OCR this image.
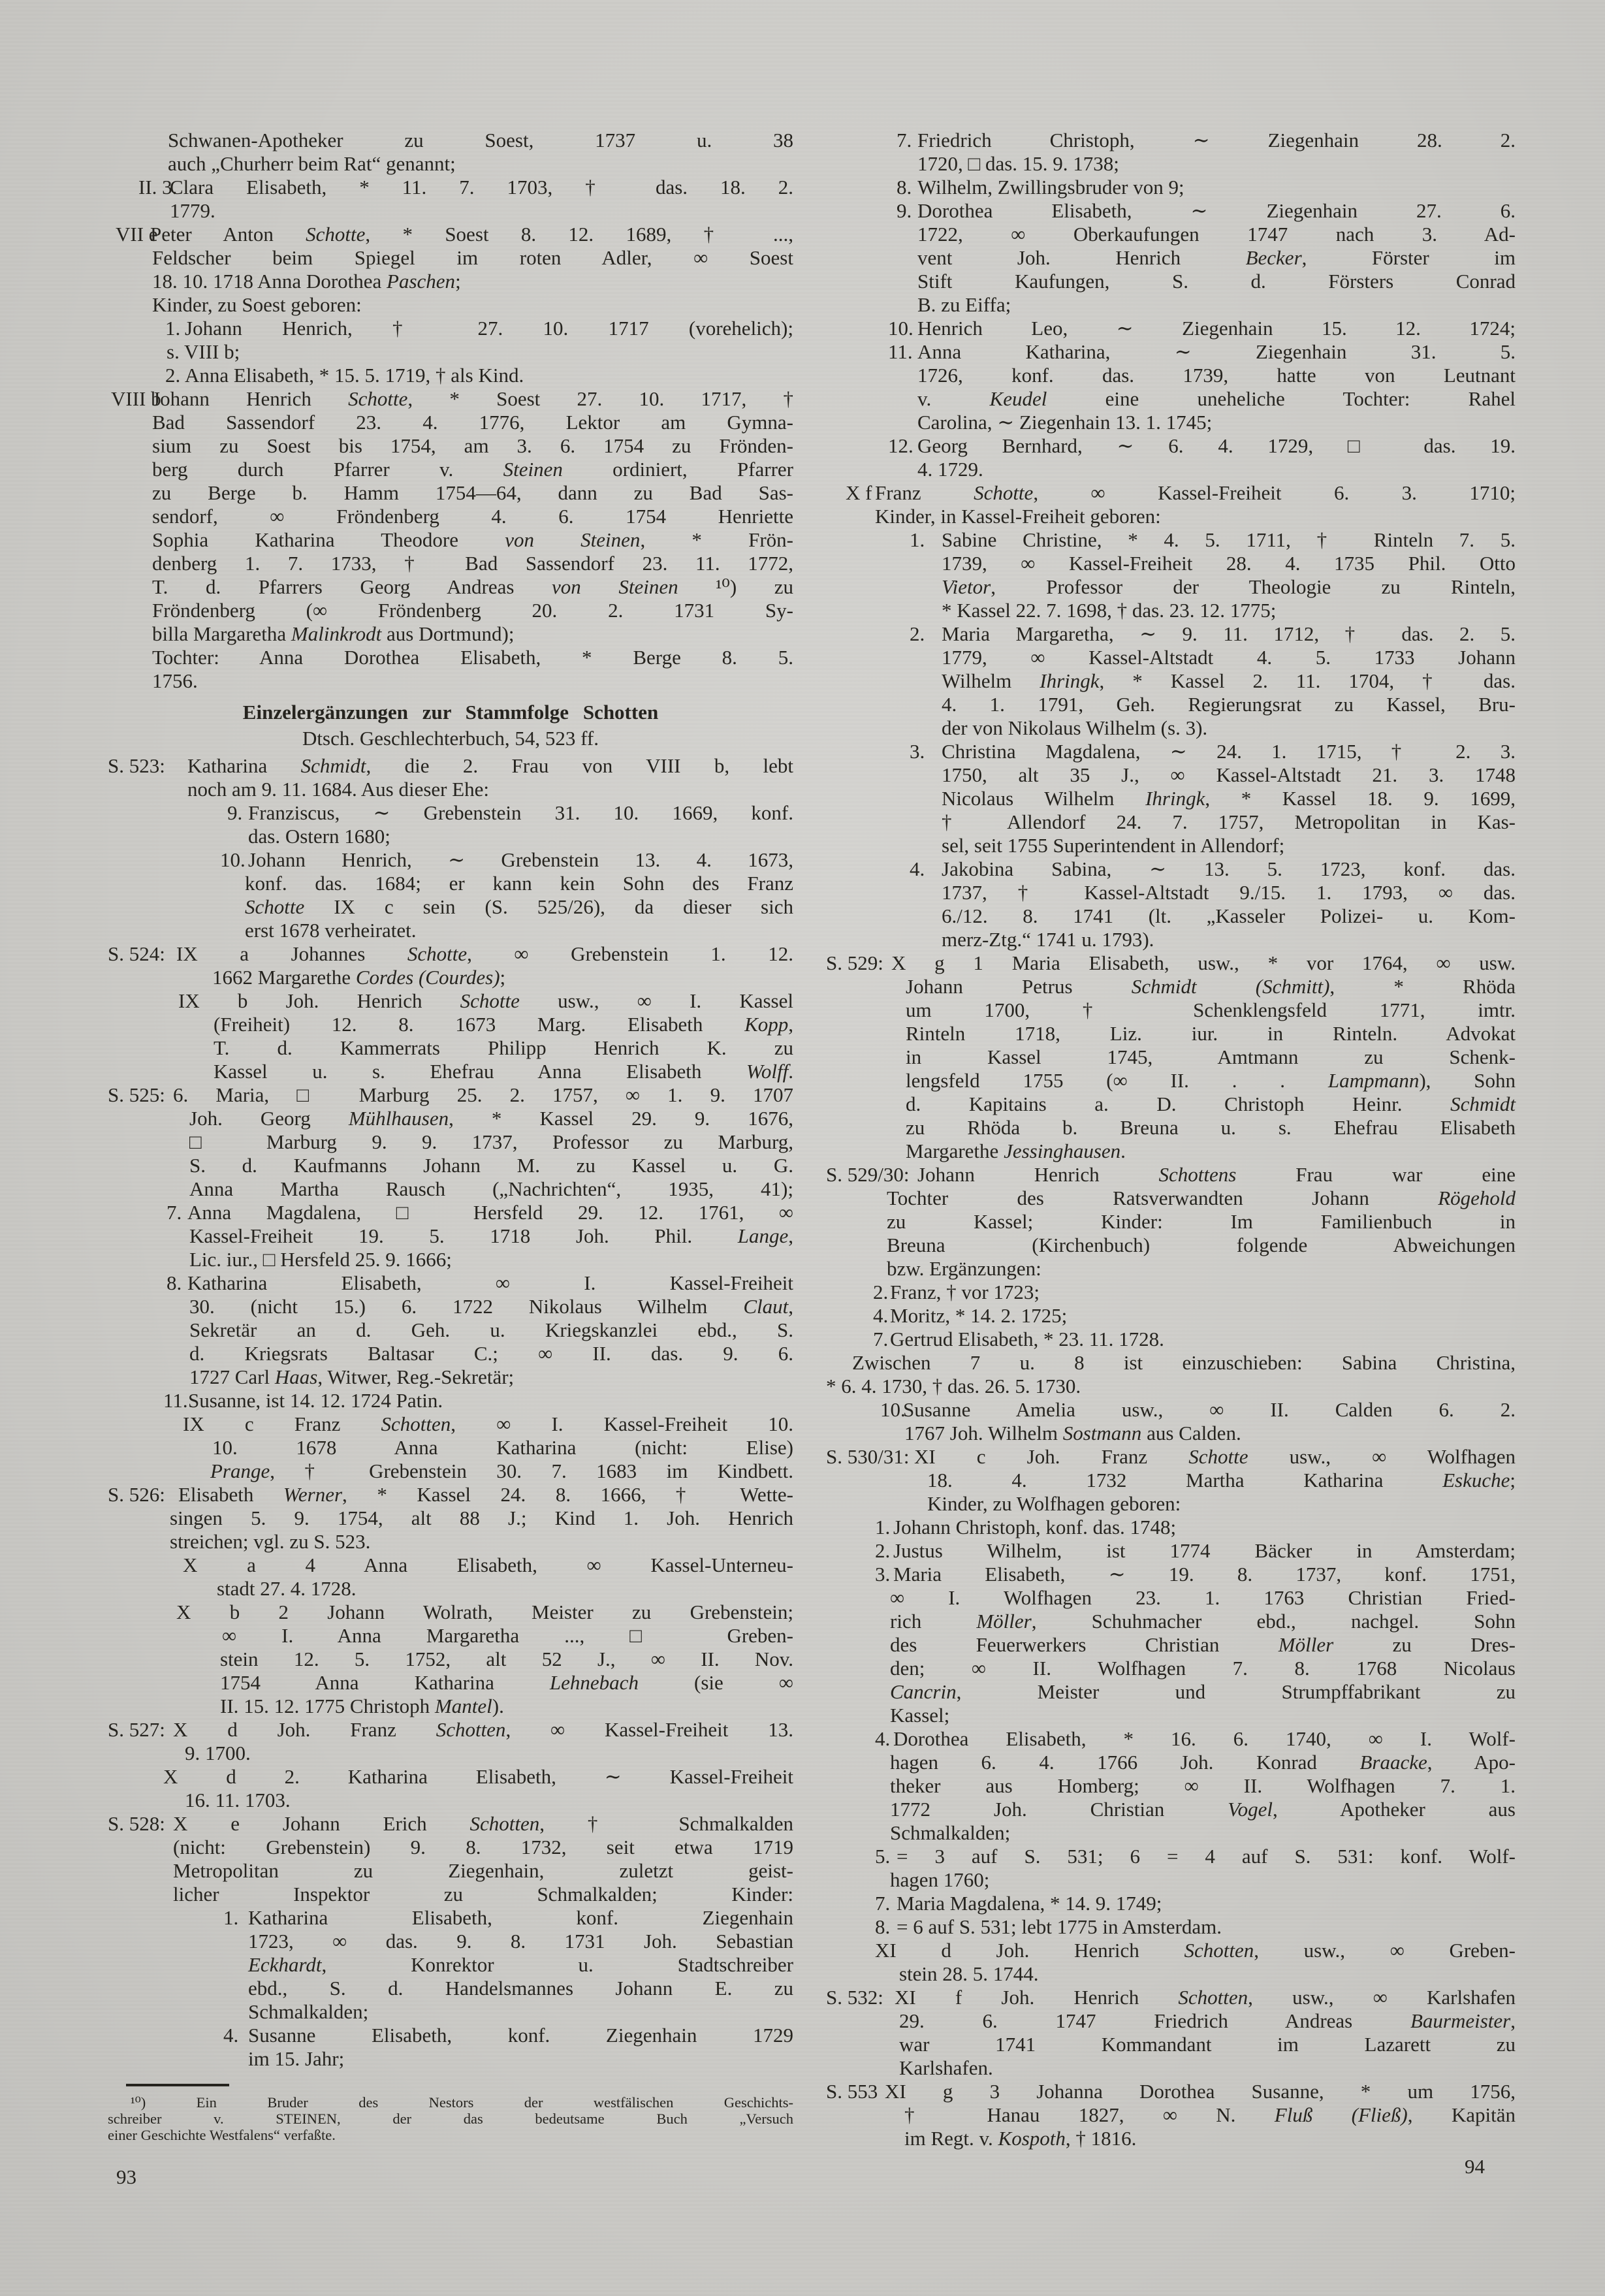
Schwanen-Apotheker zu Soest, 1737 u. 38
auch „Churherr beim Rat“ genannt;
II. 3.
Clara Elisabeth, * 11. 7. 1703, † das. 18. 2.
1779.
VII e
Peter Anton Schotte, * Soest 8. 12. 1689, † ...,
Feldscher beim Spiegel im roten Adler, ∞ Soest
18. 10. 1718 Anna Dorothea Paschen;
Kinder, zu Soest geboren:
1. Johann Henrich, † 27. 10. 1717 (vorehelich);
s. VIII b;
2. Anna Elisabeth, * 15. 5. 1719, † als Kind.
VIII b
Johann Henrich Schotte, * Soest 27. 10. 1717, †
Bad Sassendorf 23. 4. 1776, Lektor am Gymna-
sium zu Soest bis 1754, am 3. 6. 1754 zu Frönden-
berg durch Pfarrer v. Steinen ordiniert, Pfarrer
zu Berge b. Hamm 1754—64, dann zu Bad Sas-
sendorf, ∞ Fröndenberg 4. 6. 1754 Henriette
Sophia Katharina Theodore von Steinen, * Frön-
denberg 1. 7. 1733, † Bad Sassendorf 23. 11. 1772,
T. d. Pfarrers Georg Andreas von Steinen ¹⁰) zu
Fröndenberg (∞ Fröndenberg 20. 2. 1731 Sy-
billa Margaretha Malinkrodt aus Dortmund);
Tochter: Anna Dorothea Elisabeth, * Berge 8. 5.
1756.
Einzelergänzungen zur Stammfolge Schotten
Dtsch. Geschlechterbuch, 54, 523 ff.
S. 523: Katharina Schmidt, die 2. Frau von VIII b, lebt
noch am 9. 11. 1684. Aus dieser Ehe:
9. Franziscus, ∼ Grebenstein 31. 10. 1669, konf.
das. Ostern 1680;
10. Johann Henrich, ∼ Grebenstein 13. 4. 1673,
konf. das. 1684; er kann kein Sohn des Franz
Schotte IX c sein (S. 525/26), da dieser sich
erst 1678 verheiratet.
S. 524: IX a Johannes Schotte, ∞ Grebenstein 1. 12.
1662 Margarethe Cordes (Courdes);
IX b Joh. Henrich Schotte usw., ∞ I. Kassel
(Freiheit) 12. 8. 1673 Marg. Elisabeth Kopp,
T. d. Kammerrats Philipp Henrich K. zu
Kassel u. s. Ehefrau Anna Elisabeth Wolff.
S. 525: 6. Maria, □ Marburg 25. 2. 1757, ∞ 1. 9. 1707
Joh. Georg Mühlhausen, * Kassel 29. 9. 1676,
□ Marburg 9. 9. 1737, Professor zu Marburg,
S. d. Kaufmanns Johann M. zu Kassel u. G.
Anna Martha Rausch („Nachrichten“, 1935, 41);
7. Anna Magdalena, □ Hersfeld 29. 12. 1761, ∞
Kassel-Freiheit 19. 5. 1718 Joh. Phil. Lange,
Lic. iur., □ Hersfeld 25. 9. 1666;
8. Katharina Elisabeth, ∞ I. Kassel-Freiheit
30. (nicht 15.) 6. 1722 Nikolaus Wilhelm Claut,
Sekretär an d. Geh. u. Kriegskanzlei ebd., S.
d. Kriegsrats Baltasar C.; ∞ II. das. 9. 6.
1727 Carl Haas, Witwer, Reg.-Sekretär;
11. Susanne, ist 14. 12. 1724 Patin.
IX c Franz Schotten, ∞ I. Kassel-Freiheit 10.
10. 1678 Anna Katharina (nicht: Elise)
Prange, † Grebenstein 30. 7. 1683 im Kindbett.
S. 526: Elisabeth Werner, * Kassel 24. 8. 1666, † Wette-
singen 5. 9. 1754, alt 88 J.; Kind 1. Joh. Henrich
streichen; vgl. zu S. 523.
X a 4 Anna Elisabeth, ∞ Kassel-Unterneu-
stadt 27. 4. 1728.
X b 2 Johann Wolrath, Meister zu Grebenstein;
∞ I. Anna Margaretha ..., □ Greben-
stein 12. 5. 1752, alt 52 J., ∞ II. Nov.
1754 Anna Katharina Lehnebach (sie ∞
II. 15. 12. 1775 Christoph Mantel).
S. 527: X d Joh. Franz Schotten, ∞ Kassel-Freiheit 13.
9. 1700.
X d 2. Katharina Elisabeth, ∼ Kassel-Freiheit
16. 11. 1703.
S. 528: X e Johann Erich Schotten, † Schmalkalden
(nicht: Grebenstein) 9. 8. 1732, seit etwa 1719
Metropolitan zu Ziegenhain, zuletzt geist-
licher Inspektor zu Schmalkalden; Kinder:
1. Katharina Elisabeth, konf. Ziegenhain
1723, ∞ das. 9. 8. 1731 Joh. Sebastian
Eckhardt, Konrektor u. Stadtschreiber
ebd., S. d. Handelsmannes Johann E. zu
Schmalkalden;
4. Susanne Elisabeth, konf. Ziegenhain 1729
im 15. Jahr;
¹⁰) Ein Bruder des Nestors der westfälischen Geschichts-
schreiber v. STEINEN, der das bedeutsame Buch „Versuch
einer Geschichte Westfalens“ verfaßte.
7. Friedrich Christoph, ∼ Ziegenhain 28. 2.
1720, □ das. 15. 9. 1738;
8. Wilhelm, Zwillingsbruder von 9;
9. Dorothea Elisabeth, ∼ Ziegenhain 27. 6.
1722, ∞ Oberkaufungen 1747 nach 3. Ad-
vent Joh. Henrich Becker, Förster im
Stift Kaufungen, S. d. Försters Conrad
B. zu Eiffa;
10. Henrich Leo, ∼ Ziegenhain 15. 12. 1724;
11. Anna Katharina, ∼ Ziegenhain 31. 5.
1726, konf. das. 1739, hatte von Leutnant
v. Keudel eine uneheliche Tochter: Rahel
Carolina, ∼ Ziegenhain 13. 1. 1745;
12. Georg Bernhard, ∼ 6. 4. 1729, □ das. 19.
4. 1729.
X f Franz Schotte, ∞ Kassel-Freiheit 6. 3. 1710;
Kinder, in Kassel-Freiheit geboren:
1. Sabine Christine, * 4. 5. 1711, † Rinteln 7. 5.
1739, ∞ Kassel-Freiheit 28. 4. 1735 Phil. Otto
Vietor, Professor der Theologie zu Rinteln,
* Kassel 22. 7. 1698, † das. 23. 12. 1775;
2. Maria Margaretha, ∼ 9. 11. 1712, † das. 2. 5.
1779, ∞ Kassel-Altstadt 4. 5. 1733 Johann
Wilhelm Ihringk, * Kassel 2. 11. 1704, † das.
4. 1. 1791, Geh. Regierungsrat zu Kassel, Bru-
der von Nikolaus Wilhelm (s. 3).
3. Christina Magdalena, ∼ 24. 1. 1715, † 2. 3.
1750, alt 35 J., ∞ Kassel-Altstadt 21. 3. 1748
Nicolaus Wilhelm Ihringk, * Kassel 18. 9. 1699,
† Allendorf 24. 7. 1757, Metropolitan in Kas-
sel, seit 1755 Superintendent in Allendorf;
4. Jakobina Sabina, ∼ 13. 5. 1723, konf. das.
1737, † Kassel-Altstadt 9./15. 1. 1793, ∞ das.
6./12. 8. 1741 (lt. „Kasseler Polizei- u. Kom-
merz-Ztg.“ 1741 u. 1793).
S. 529: X g 1 Maria Elisabeth, usw., * vor 1764, ∞ usw.
Johann Petrus Schmidt (Schmitt), * Rhöda
um 1700, † Schenklengsfeld 1771, imtr.
Rinteln 1718, Liz. iur. in Rinteln. Advokat
in Kassel 1745, Amtmann zu Schenk-
lengsfeld 1755 (∞ II. . . Lampmann), Sohn
d. Kapitains a. D. Christoph Heinr. Schmidt
zu Rhöda b. Breuna u. s. Ehefrau Elisabeth
Margarethe Jessinghausen.
S. 529/30: Johann Henrich Schottens Frau war eine
Tochter des Ratsverwandten Johann Rögehold
zu Kassel; Kinder: Im Familienbuch in
Breuna (Kirchenbuch) folgende Abweichungen
bzw. Ergänzungen:
2. Franz, † vor 1723;
4. Moritz, * 14. 2. 1725;
7. Gertrud Elisabeth, * 23. 11. 1728.
Zwischen 7 u. 8 ist einzuschieben: Sabina Christina,
* 6. 4. 1730, † das. 26. 5. 1730.
10.
Susanne Amelia usw., ∞ II. Calden 6. 2.
1767 Joh. Wilhelm Sostmann aus Calden.
S. 530/31: XI c Joh. Franz Schotte usw., ∞ Wolfhagen
18. 4. 1732 Martha Katharina Eskuche;
Kinder, zu Wolfhagen geboren:
1. Johann Christoph, konf. das. 1748;
2. Justus Wilhelm, ist 1774 Bäcker in Amsterdam;
3. Maria Elisabeth, ∼ 19. 8. 1737, konf. 1751,
∞ I. Wolfhagen 23. 1. 1763 Christian Fried-
rich Möller, Schuhmacher ebd., nachgel. Sohn
des Feuerwerkers Christian Möller zu Dres-
den; ∞ II. Wolfhagen 7. 8. 1768 Nicolaus
Cancrin, Meister und Strumpffabrikant zu
Kassel;
4. Dorothea Elisabeth, * 16. 6. 1740, ∞ I. Wolf-
hagen 6. 4. 1766 Joh. Konrad Braacke, Apo-
theker aus Homberg; ∞ II. Wolfhagen 7. 1.
1772 Joh. Christian Vogel, Apotheker aus
Schmalkalden;
5. = 3 auf S. 531; 6 = 4 auf S. 531: konf. Wolf-
hagen 1760;
7. Maria Magdalena, * 14. 9. 1749;
8. = 6 auf S. 531; lebt 1775 in Amsterdam.
XI d Joh. Henrich Schotten, usw., ∞ Greben-
stein 28. 5. 1744.
S. 532: XI f Joh. Henrich Schotten, usw., ∞ Karlshafen
29. 6. 1747 Friedrich Andreas Baurmeister,
war 1741 Kommandant im Lazarett zu
Karlshafen.
S. 553 XI g 3 Johanna Dorothea Susanne, * um 1756,
† Hanau 1827, ∞ N. Fluß (Fließ), Kapitän
im Regt. v. Kospoth, † 1816.
93	94
